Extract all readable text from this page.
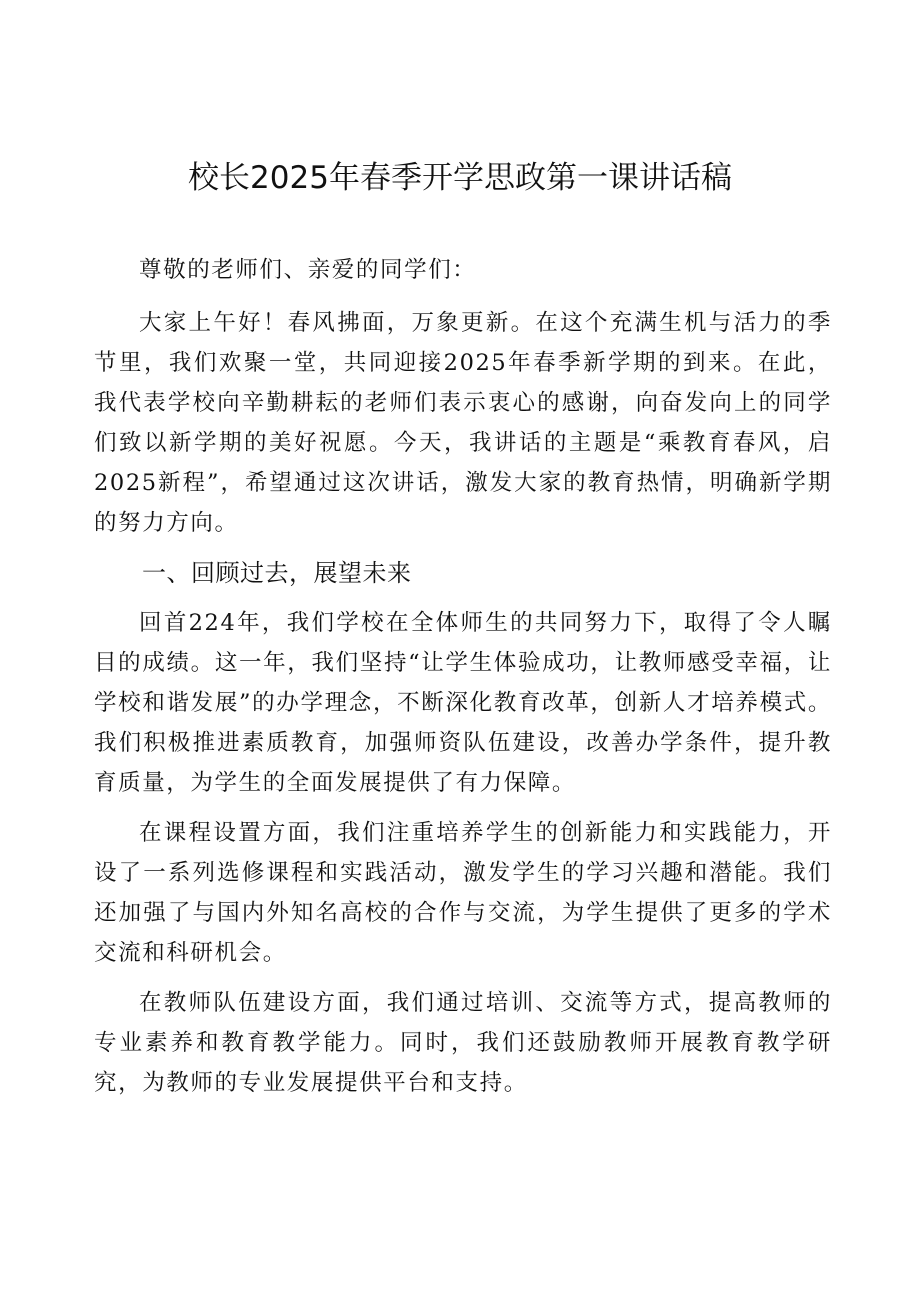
校长2025年春季开学思政第一课讲话稿

尊敬的老师们、亲爱的同学们：

大家上午好！春风拂面，万象更新。在这个充满生机与活力的季节里，我们欢聚一堂，共同迎接2025年春季新学期的到来。在此，我代表学校向辛勤耕耘的老师们表示衷心的感谢，向奋发向上的同学们致以新学期的美好祝愿。今天，我讲话的主题是“乘教育春风，启2025新程”，希望通过这次讲话，激发大家的教育热情，明确新学期的努力方向。

一、回顾过去，展望未来

回首224年，我们学校在全体师生的共同努力下，取得了令人瞩目的成绩。这一年，我们坚持“让学生体验成功，让教师感受幸福，让学校和谐发展”的办学理念，不断深化教育改革，创新人才培养模式。我们积极推进素质教育，加强师资队伍建设，改善办学条件，提升教育质量，为学生的全面发展提供了有力保障。

在课程设置方面，我们注重培养学生的创新能力和实践能力，开设了一系列选修课程和实践活动，激发学生的学习兴趣和潜能。我们还加强了与国内外知名高校的合作与交流，为学生提供了更多的学术交流和科研机会。

在教师队伍建设方面，我们通过培训、交流等方式，提高教师的专业素养和教育教学能力。同时，我们还鼓励教师开展教育教学研究，为教师的专业发展提供平台和支持。
